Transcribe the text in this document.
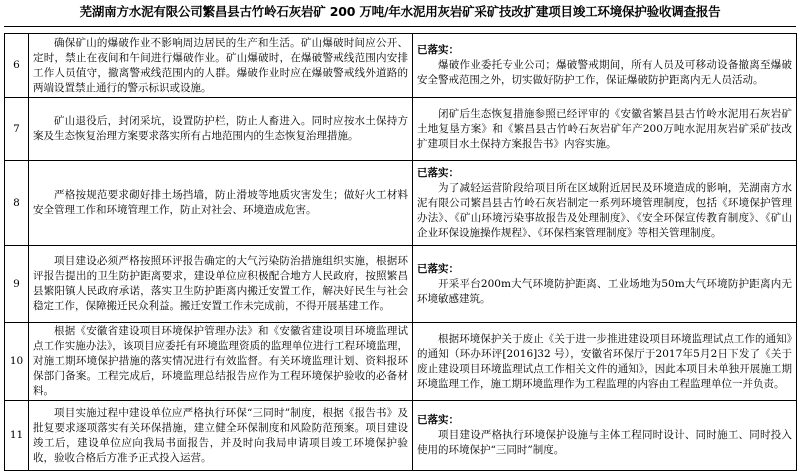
芜湖南方水泥有限公司繁昌县古竹岭石灰岩矿 200 万吨/年水泥用灰岩矿采矿技改扩建项目竣工环境保护验收调查报告
6	确保矿山的爆破作业不影响周边居民的生产和生活。矿山爆破时间应公开、定时，禁止在夜间和午间进行爆破作业。矿山爆破时，在爆破警戒线范围内安排工作人员值守，撤离警戒线范围内的人群。爆破作业时应在爆破警戒线外道路的两端设置禁止通行的警示标识或设施。	已落实：
爆破作业委托专业公司；爆破警戒期间，所有人员及可移动设备撤离至爆破安全警戒范围之外，切实做好防护工作，保证爆破防护距离内无人员活动。

7	矿山退役后，封闭采坑，设置防护栏，防止人畜进入。同时应按水土保持方案及生态恢复治理方案要求落实所有占地范围内的生态恢复治理措施。	闭矿后生态恢复措施参照已经评审的《安徽省繁昌县古竹岭水泥用石灰岩矿土地复垦方案》和《繁昌县古竹岭石灰岩矿年产200万吨水泥用灰岩矿采矿技改扩建项目水土保持方案报告书》内容实施。

8	严格按规范要求砌好排土场挡墙，防止滑坡等地质灾害发生；做好火工材料安全管理工作和环境管理工作，防止对社会、环境造成危害。	已落实：
为了减轻运营阶段给项目所在区域附近居民及环境造成的影响，芜湖南方水泥有限公司繁昌县古竹岭石灰岩制定一系列环境管理制度，包括《环境保护管理办法》、《矿山环境污染事故报告及处理制度》、《安全环保宣传教育制度》、《矿山企业环保设施操作规程》、《环保档案管理制度》等相关管理制度。

9	项目建设必须严格按照环评报告确定的大气污染防治措施组织实施，根据环评报告提出的卫生防护距离要求，建设单位应积极配合地方人民政府，按照繁昌县繁阳镇人民政府承诺，落实卫生防护距离内搬迁安置工作，解决好民生与社会稳定工作，保障搬迁民众利益。搬迁安置工作未完成前，不得开展基建工作。	已落实：
开采平台200m大气环境防护距离、工业场地为50m大气环境防护距离内无环境敏感建筑。

10	根据《安徽省建设项目环境保护管理办法》和《安徽省建设项目环境监理试点工作实施办法》，该项目应委托有环境监理资质的监理单位进行工程环境监理，对施工期环境保护措施的落实情况进行有效监督。有关环境监理计划、资料报环保部门备案。工程完成后，环境监理总结报告应作为工程环境保护验收的必备材料。	根据环境保护关于废止《关于进一步推进建设项目环境监理试点工作的通知》的通知（环办环评[2016]32 号），安徽省环保厅于2017年5月2日下发了《关于废止建设项目环境监理试点工作相关文件的通知》，因此本项目未单独开展施工期环境监理工作，施工期环境监理作为工程监理的内容由工程监理单位一并负责。

11	项目实施过程中建设单位应严格执行环保“三同时”制度，根据《报告书》及批复要求逐项落实有关环保措施，建立健全环保制度和风险防范预案。项目建设竣工后，建设单位应向我局书面报告，并及时向我局申请项目竣工环境保护验收，验收合格后方准予正式投入运营。	已落实：
项目建设严格执行环境保护设施与主体工程同时设计、同时施工、同时投入使用的环境保护“三同时”制度。
